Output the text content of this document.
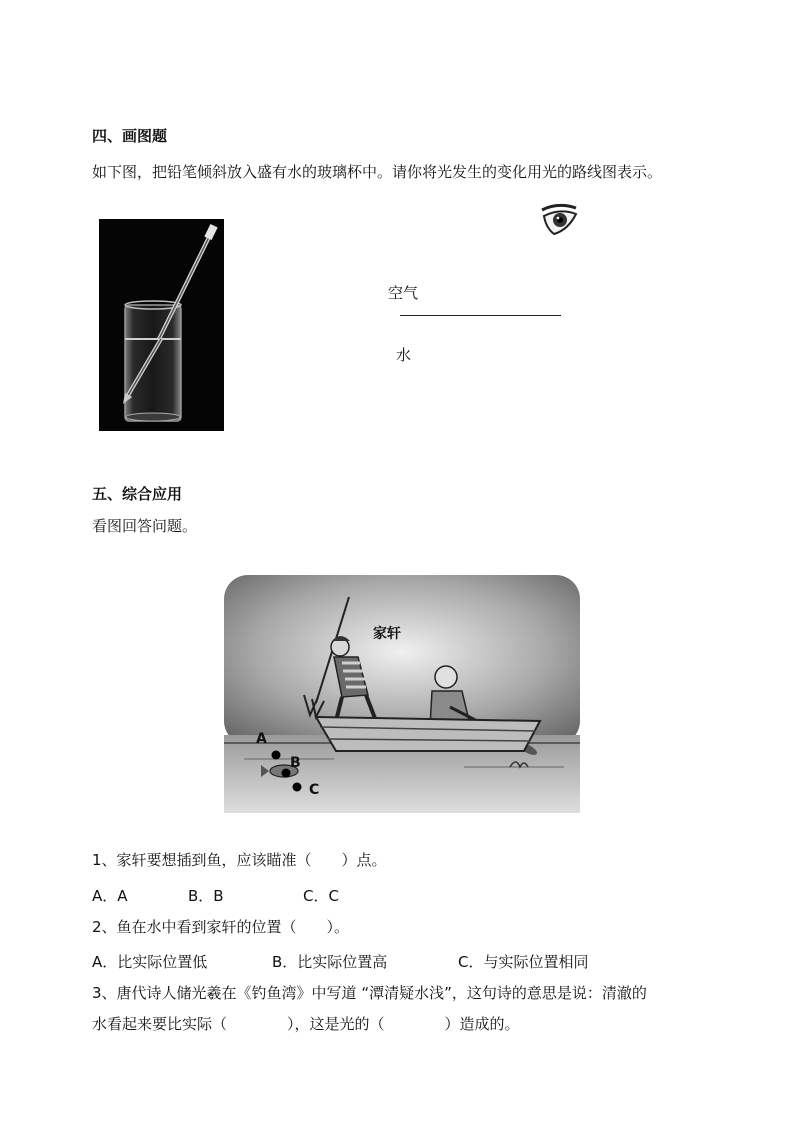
四、画图题
如下图，把铅笔倾斜放入盛有水的玻璃杯中。请你将光发生的变化用光的路线图表示。
空气
水
五、综合应用
看图回答问题。
家轩
A
B
C
1、家轩要想插到鱼，应该瞄准（　　）点。
A．A	B．B	C．C
2、鱼在水中看到家轩的位置（　　）。
A．比实际位置低	B．比实际位置高	C．与实际位置相同
3、唐代诗人储光羲在《钓鱼湾》中写道 “潭清疑水浅”，这句诗的意思是说：清澈的
水看起来要比实际（　　　　），这是光的（　　　　）造成的。
